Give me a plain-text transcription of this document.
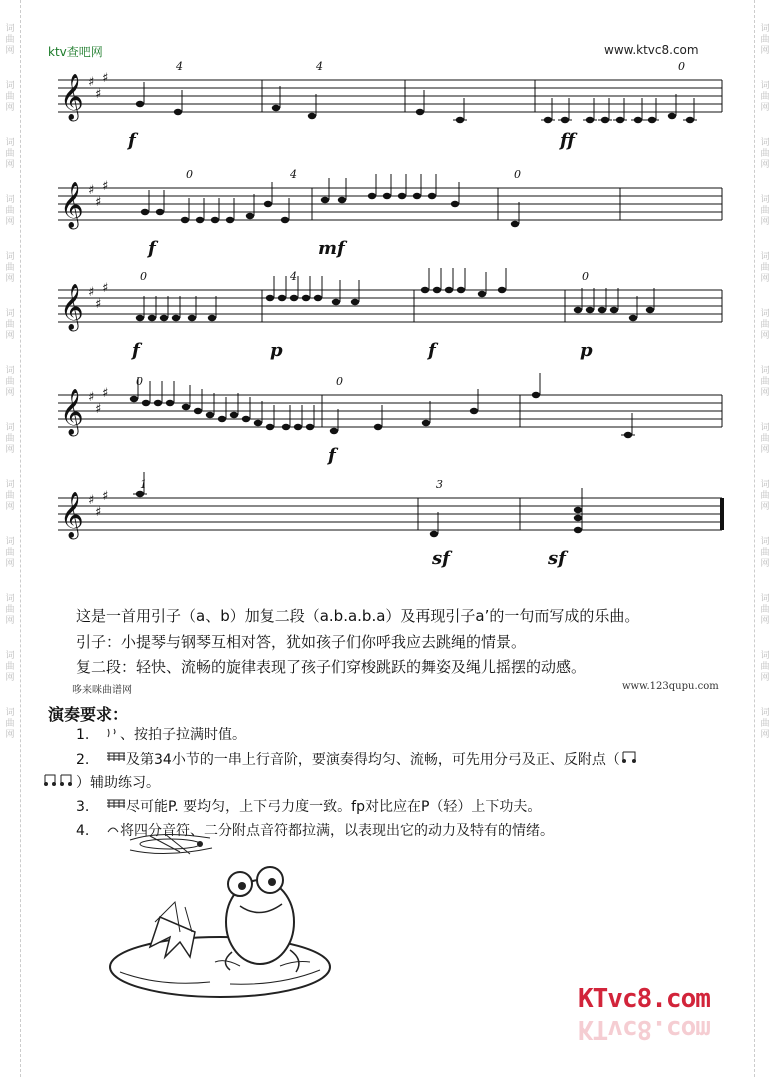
词
曲
网
词
曲
网
词
曲
网
词
曲
网
词
曲
网
词
曲
网
词
曲
网
词
曲
网
词
曲
网
词
曲
网
词
曲
网
词
曲
网
词
曲
网
词
曲
网
词
曲
网
词
曲
网
词
曲
网
词
曲
网
词
曲
网
词
曲
网
词
曲
网
词
曲
网
词
曲
网
词
曲
网
词
曲
网
词
曲
网
ktv查吧网	www.ktvc8.com
𝄞 ♯
♯
♯
f	ff
4	4	0
𝄞 ♯
♯
♯
f	mf
0	4	0
𝄞 ♯
♯
♯
f	p	f	p
0	4	0
𝄞 ♯
♯
♯
f
0	0
𝄞 ♯
♯
♯
sf	sf
1	3
这是一首用引子（a、b）加复二段（a.b.a.b.a）及再现引子a’的一句而写成的乐曲。
引子：小提琴与钢琴互相对答，犹如孩子们你呼我应去跳绳的情景。
复二段：轻快、流畅的旋律表现了孩子们穿梭跳跃的舞姿及绳儿摇摆的动感。
哆来咪曲谱网	www.123qupu.com
演奏要求：
1. 、按拍子拉满时值。
2.	及第34小节的一串上行音阶，要演奏得均匀、流畅，可先用分弓及正、反附点（
）辅助练习。
3.	尽可能P. 要均匀，上下弓力度一致。fp对比应在P（轻）上下功夫。
4. 将四分音符、二分附点音符都拉满，以表现出它的动力及特有的情绪。
KTvc8.com
KTvc8.com
